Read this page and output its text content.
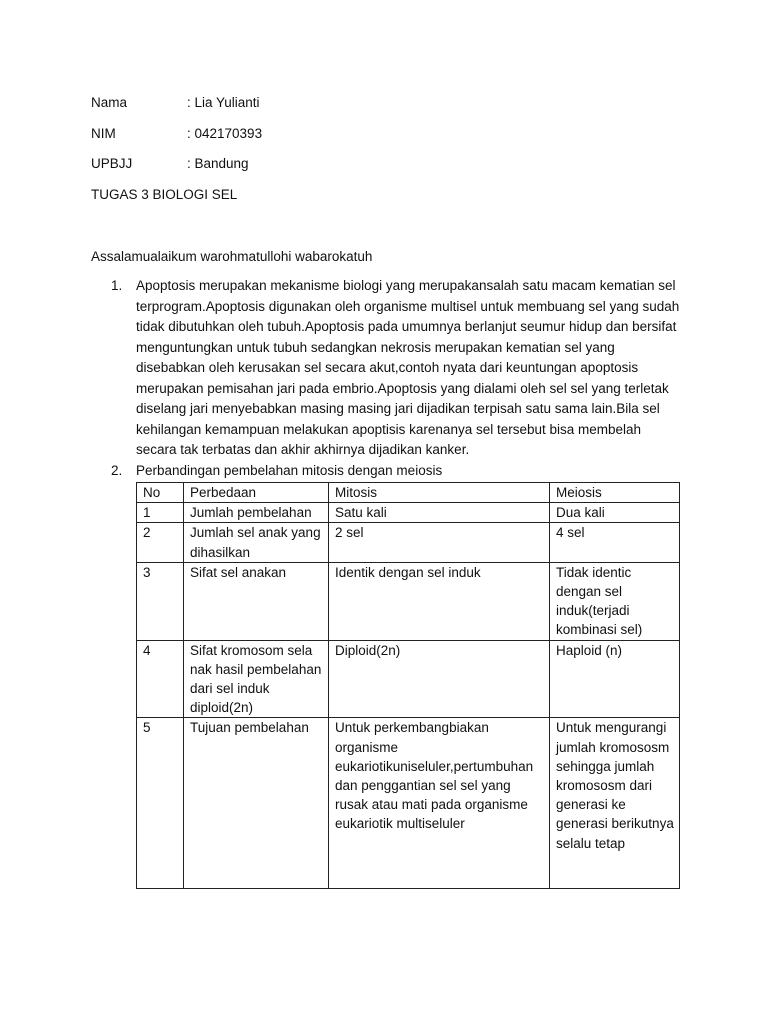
Nama	: Lia Yulianti
NIM	: 042170393
UPBJJ	: Bandung
TUGAS 3 BIOLOGI SEL
Assalamualaikum warohmatullohi wabarokatuh
1. Apoptosis merupakan mekanisme biologi yang merupakansalah satu macam kematian sel terprogram.Apoptosis digunakan oleh organisme multisel untuk membuang sel yang sudah tidak dibutuhkan oleh tubuh.Apoptosis pada umumnya berlanjut seumur hidup dan bersifat menguntungkan untuk tubuh sedangkan nekrosis merupakan kematian sel yang disebabkan oleh kerusakan sel secara akut,contoh nyata dari keuntungan apoptosis merupakan pemisahan jari pada embrio.Apoptosis yang dialami oleh sel sel yang terletak diselang jari menyebabkan masing masing jari dijadikan terpisah satu sama lain.Bila sel kehilangan kemampuan melakukan apoptisis karenanya sel tersebut bisa membelah secara tak terbatas dan akhir akhirnya dijadikan kanker.
2. Perbandingan pembelahan mitosis dengan meiosis
No	Perbedaan	Mitosis	Meiosis
1	Jumlah pembelahan	Satu kali	Dua kali
2	Jumlah sel anak yang dihasilkan	2 sel	4 sel
3	Sifat sel anakan	Identik dengan sel induk	Tidak identic dengan sel induk(terjadi kombinasi sel)
4	Sifat kromosom sela nak hasil pembelahan dari sel induk diploid(2n)	Diploid(2n)	Haploid (n)
5	Tujuan pembelahan	Untuk perkembangbiakan organisme eukariotikuniseluler,pertumbuhan dan penggantian sel sel yang rusak atau mati pada organisme eukariotik multiseluler	Untuk mengurangi jumlah kromososm sehingga jumlah kromososm dari generasi ke generasi berikutnya selalu tetap
